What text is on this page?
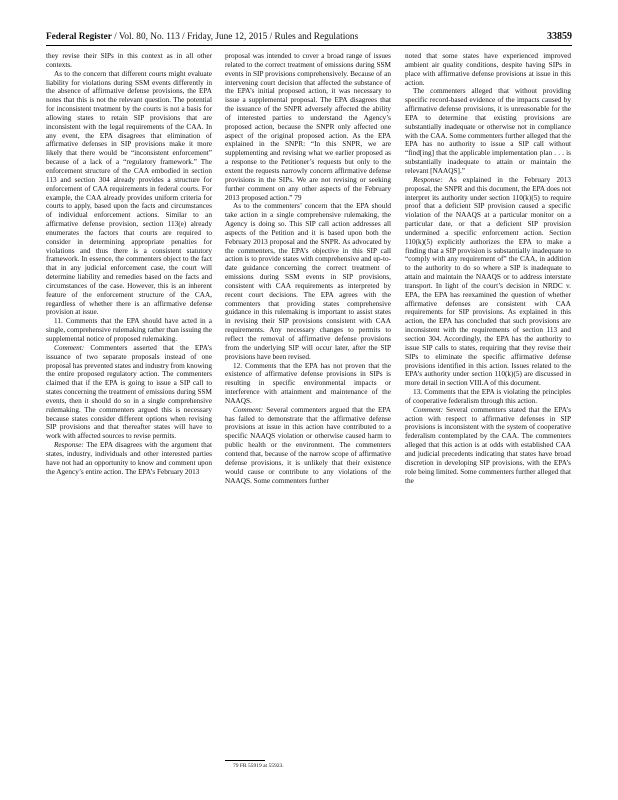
Federal Register / Vol. 80, No. 113 / Friday, June 12, 2015 / Rules and Regulations	33859

they revise their SIPs in this context as in all other contexts.

As to the concern that different courts might evaluate liability for violations during SSM events differently in the absence of affirmative defense provisions, the EPA notes that this is not the relevant question. The potential for inconsistent treatment by the courts is not a basis for allowing states to retain SIP provisions that are inconsistent with the legal requirements of the CAA. In any event, the EPA disagrees that elimination of affirmative defenses in SIP provisions make it more likely that there would be “inconsistent enforcement” because of a lack of a “regulatory framework.” The enforcement structure of the CAA embodied in section 113 and section 304 already provides a structure for enforcement of CAA requirements in federal courts. For example, the CAA already provides uniform criteria for courts to apply, based upon the facts and circumstances of individual enforcement actions. Similar to an affirmative defense provision, section 113(e) already enumerates the factors that courts are required to consider in determining appropriate penalties for violations and thus there is a consistent statutory framework. In essence, the commenters object to the fact that in any judicial enforcement case, the court will determine liability and remedies based on the facts and circumstances of the case. However, this is an inherent feature of the enforcement structure of the CAA, regardless of whether there is an affirmative defense provision at issue.

11. Comments that the EPA should have acted in a single, comprehensive rulemaking rather than issuing the supplemental notice of proposed rulemaking.

Comment: Commenters asserted that the EPA’s issuance of two separate proposals instead of one proposal has prevented states and industry from knowing the entire proposed regulatory action. The commenters claimed that if the EPA is going to issue a SIP call to states concerning the treatment of emissions during SSM events, then it should do so in a single comprehensive rulemaking. The commenters argued this is necessary because states consider different options when revising SIP provisions and that thereafter states will have to work with affected sources to revise permits.

Response: The EPA disagrees with the argument that states, industry, individuals and other interested parties have not had an opportunity to know and comment upon the Agency’s entire action. The EPA’s February 2013

proposal was intended to cover a broad range of issues related to the correct treatment of emissions during SSM events in SIP provisions comprehensively. Because of an intervening court decision that affected the substance of the EPA’s initial proposed action, it was necessary to issue a supplemental proposal. The EPA disagrees that the issuance of the SNPR adversely affected the ability of interested parties to understand the Agency’s proposed action, because the SNPR only affected one aspect of the original proposed action. As the EPA explained in the SNPR: “In this SNPR, we are supplementing and revising what we earlier proposed as a response to the Petitioner’s requests but only to the extent the requests narrowly concern affirmative defense provisions in the SIPs. We are not revising or seeking further comment on any other aspects of the February 2013 proposed action.” 79

As to the commenters’ concern that the EPA should take action in a single comprehensive rulemaking, the Agency is doing so. This SIP call action addresses all aspects of the Petition and it is based upon both the February 2013 proposal and the SNPR. As advocated by the commenters, the EPA’s objective in this SIP call action is to provide states with comprehensive and up-to-date guidance concerning the correct treatment of emissions during SSM events in SIP provisions, consistent with CAA requirements as interpreted by recent court decisions. The EPA agrees with the commenters that providing states comprehensive guidance in this rulemaking is important to assist states in revising their SIP provisions consistent with CAA requirements. Any necessary changes to permits to reflect the removal of affirmative defense provisions from the underlying SIP will occur later, after the SIP provisions have been revised.

12. Comments that the EPA has not proven that the existence of affirmative defense provisions in SIPs is resulting in specific environmental impacts or interference with attainment and maintenance of the NAAQS.

Comment: Several commenters argued that the EPA has failed to demonstrate that the affirmative defense provisions at issue in this action have contributed to a specific NAAQS violation or otherwise caused harm to public health or the environment. The commenters contend that, because of the narrow scope of affirmative defense provisions, it is unlikely that their existence would cause or contribute to any violations of the NAAQS. Some commenters further

noted that some states have experienced improved ambient air quality conditions, despite having SIPs in place with affirmative defense provisions at issue in this action.

The commenters alleged that without providing specific record-based evidence of the impacts caused by affirmative defense provisions, it is unreasonable for the EPA to determine that existing provisions are substantially inadequate or otherwise not in compliance with the CAA. Some commenters further alleged that the EPA has no authority to issue a SIP call without “find[ing] that the applicable implementation plan . . . is substantially inadequate to attain or maintain the relevant [NAAQS].”

Response: As explained in the February 2013 proposal, the SNPR and this document, the EPA does not interpret its authority under section 110(k)(5) to require proof that a deficient SIP provision caused a specific violation of the NAAQS at a particular monitor on a particular date, or that a deficient SIP provision undermined a specific enforcement action. Section 110(k)(5) explicitly authorizes the EPA to make a finding that a SIP provision is substantially inadequate to “comply with any requirement of” the CAA, in addition to the authority to do so where a SIP is inadequate to attain and maintain the NAAQS or to address interstate transport. In light of the court’s decision in NRDC v. EPA, the EPA has reexamined the question of whether affirmative defenses are consistent with CAA requirements for SIP provisions. As explained in this action, the EPA has concluded that such provisions are inconsistent with the requirements of section 113 and section 304. Accordingly, the EPA has the authority to issue SIP calls to states, requiring that they revise their SIPs to eliminate the specific affirmative defense provisions identified in this action. Issues related to the EPA’s authority under section 110(k)(5) are discussed in more detail in section VIII.A of this document.

13. Comments that the EPA is violating the principles of cooperative federalism through this action.

Comment: Several commenters stated that the EPA’s action with respect to affirmative defenses in SIP provisions is inconsistent with the system of cooperative federalism contemplated by the CAA. The commenters alleged that this action is at odds with established CAA and judicial precedents indicating that states have broad discretion in developing SIP provisions, with the EPA’s role being limited. Some commenters further alleged that the

79 FR 55919 at 55923.
